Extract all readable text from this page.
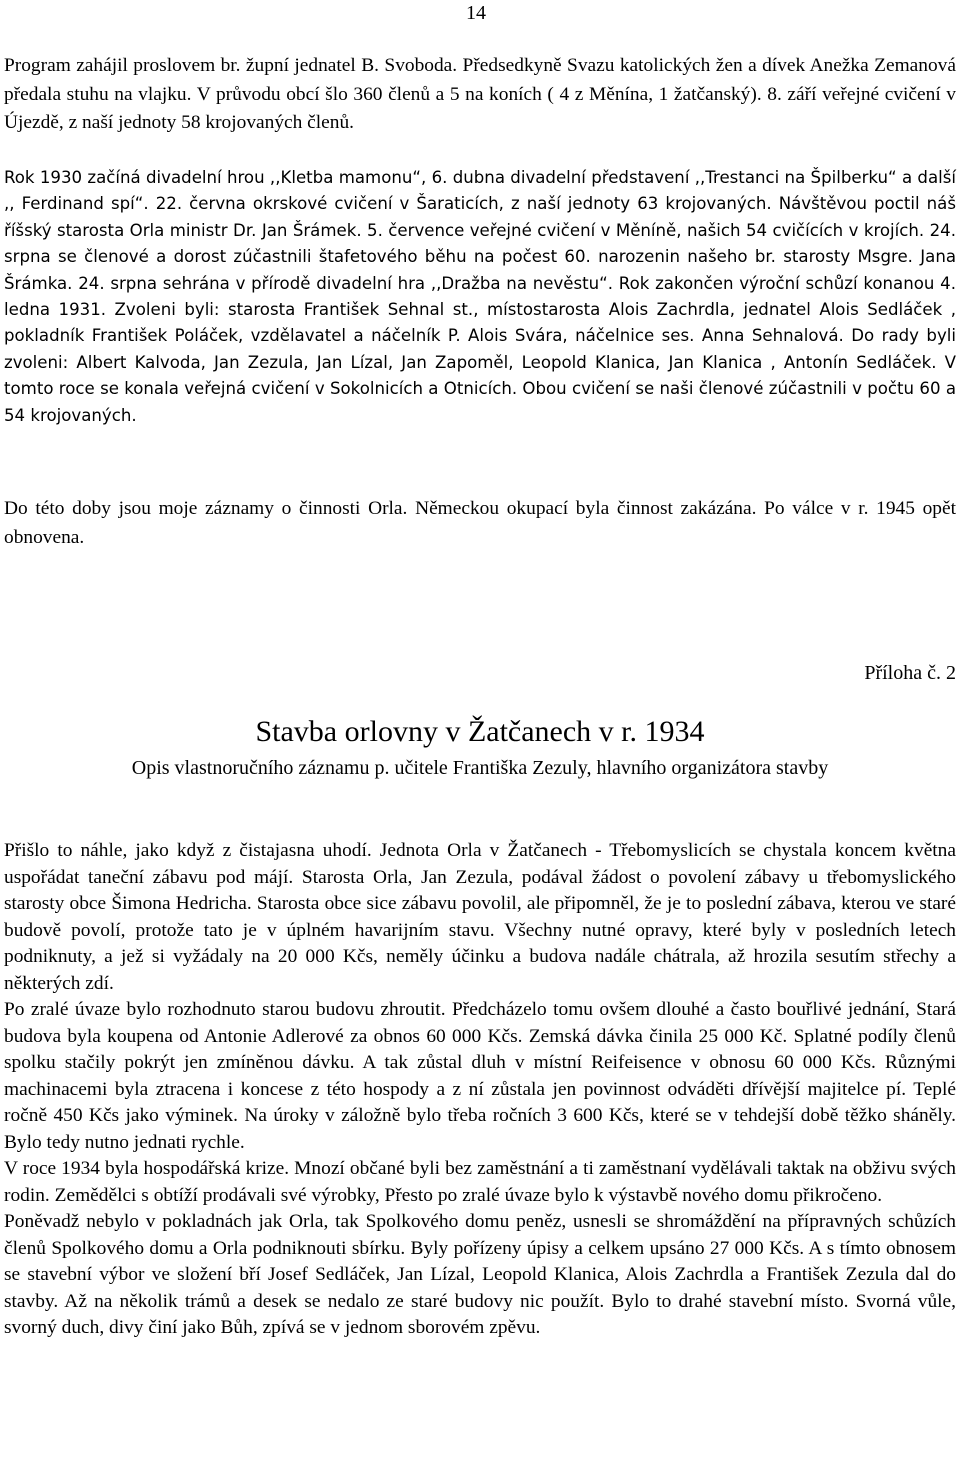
14

Program zahájil proslovem br. župní jednatel B. Svoboda. Předsedkyně Svazu katolických žen a dívek Anežka Zemanová předala stuhu na vlajku. V průvodu obcí šlo 360 členů a 5 na koních ( 4 z Měnína, 1 žatčanský). 8. září veřejné cvičení v Újezdě, z naší jednoty 58 krojovaných členů.

Rok 1930 začíná divadelní hrou ,,Kletba mamonu“, 6. dubna divadelní představení ,,Trestanci na Špilberku“ a další ,, Ferdinand spí“. 22. června okrskové cvičení v Šaraticích, z naší jednoty 63 krojovaných. Návštěvou poctil náš říšský starosta Orla ministr Dr. Jan Šrámek. 5. července veřejné cvičení v Měníně, našich 54 cvičících v krojích. 24. srpna se členové a dorost zúčastnili štafetového běhu na počest 60. narozenin našeho br. starosty Msgre. Jana Šrámka. 24. srpna sehrána v přírodě divadelní hra ,,Dražba na nevěstu“. Rok zakončen výroční schůzí konanou 4. ledna 1931. Zvoleni byli: starosta František Sehnal st., místostarosta Alois Zachrdla, jednatel Alois Sedláček , pokladník František Poláček, vzdělavatel a náčelník P. Alois Svára, náčelnice ses. Anna Sehnalová. Do rady byli zvoleni: Albert Kalvoda, Jan Zezula, Jan Lízal, Jan Zapoměl, Leopold Klanica, Jan Klanica , Antonín Sedláček. V tomto roce se konala veřejná cvičení v Sokolnicích a Otnicích. Obou cvičení se naši členové zúčastnili v počtu 60 a 54 krojovaných.

Do této doby jsou moje záznamy o činnosti Orla. Německou okupací byla činnost zakázána. Po válce v r. 1945 opět obnovena.

Příloha č. 2
Stavba orlovny v Žatčanech v r. 1934
Opis vlastnoručního záznamu p. učitele Františka Zezuly, hlavního organizátora stavby

Přišlo to náhle, jako když z čistajasna uhodí. Jednota Orla v Žatčanech - Třebomyslicích se chystala koncem května uspořádat taneční zábavu pod májí. Starosta Orla, Jan Zezula, podával žádost o povolení zábavy u třebomyslického starosty obce Šimona Hedricha. Starosta obce sice zábavu povolil, ale připomněl, že je to poslední zábava, kterou ve staré budově povolí, protože tato je v úplném havarijním stavu. Všechny nutné opravy, které byly v posledních letech podniknuty, a jež si vyžádaly na 20 000 Kčs, neměly účinku a budova nadále chátrala, až hrozila sesutím střechy a některých zdí.

Po zralé úvaze bylo rozhodnuto starou budovu zhroutit. Předcházelo tomu ovšem dlouhé a často bouřlivé jednání, Stará budova byla koupena od Antonie Adlerové za obnos 60 000 Kčs. Zemská dávka činila 25 000 Kč. Splatné podíly členů spolku stačily pokrýt jen zmíněnou dávku. A tak zůstal dluh v místní Reifeisence v obnosu 60 000 Kčs. Různými machinacemi byla ztracena i koncese z této hospody a z ní zůstala jen povinnost odváděti dřívější majitelce pí. Teplé ročně 450 Kčs jako výminek. Na úroky v záložně bylo třeba ročních 3 600 Kčs, které se v tehdejší době těžko sháněly. Bylo tedy nutno jednati rychle.

V roce 1934 byla hospodářská krize. Mnozí občané byli bez zaměstnání a ti zaměstnaní vydělávali taktak na obživu svých rodin. Zemědělci s obtíží prodávali své výrobky, Přesto po zralé úvaze bylo k výstavbě nového domu přikročeno.

Poněvadž nebylo v pokladnách jak Orla, tak Spolkového domu peněz, usnesli se shromáždění na přípravných schůzích členů Spolkového domu a Orla podniknouti sbírku. Byly pořízeny úpisy a celkem upsáno 27 000 Kčs. A s tímto obnosem se stavební výbor ve složení bří Josef Sedláček, Jan Lízal, Leopold Klanica, Alois Zachrdla a František Zezula dal do stavby. Až na několik trámů a desek se nedalo ze staré budovy nic použít. Bylo to drahé stavební místo. Svorná vůle, svorný duch, divy činí jako Bůh, zpívá se v jednom sborovém zpěvu.
